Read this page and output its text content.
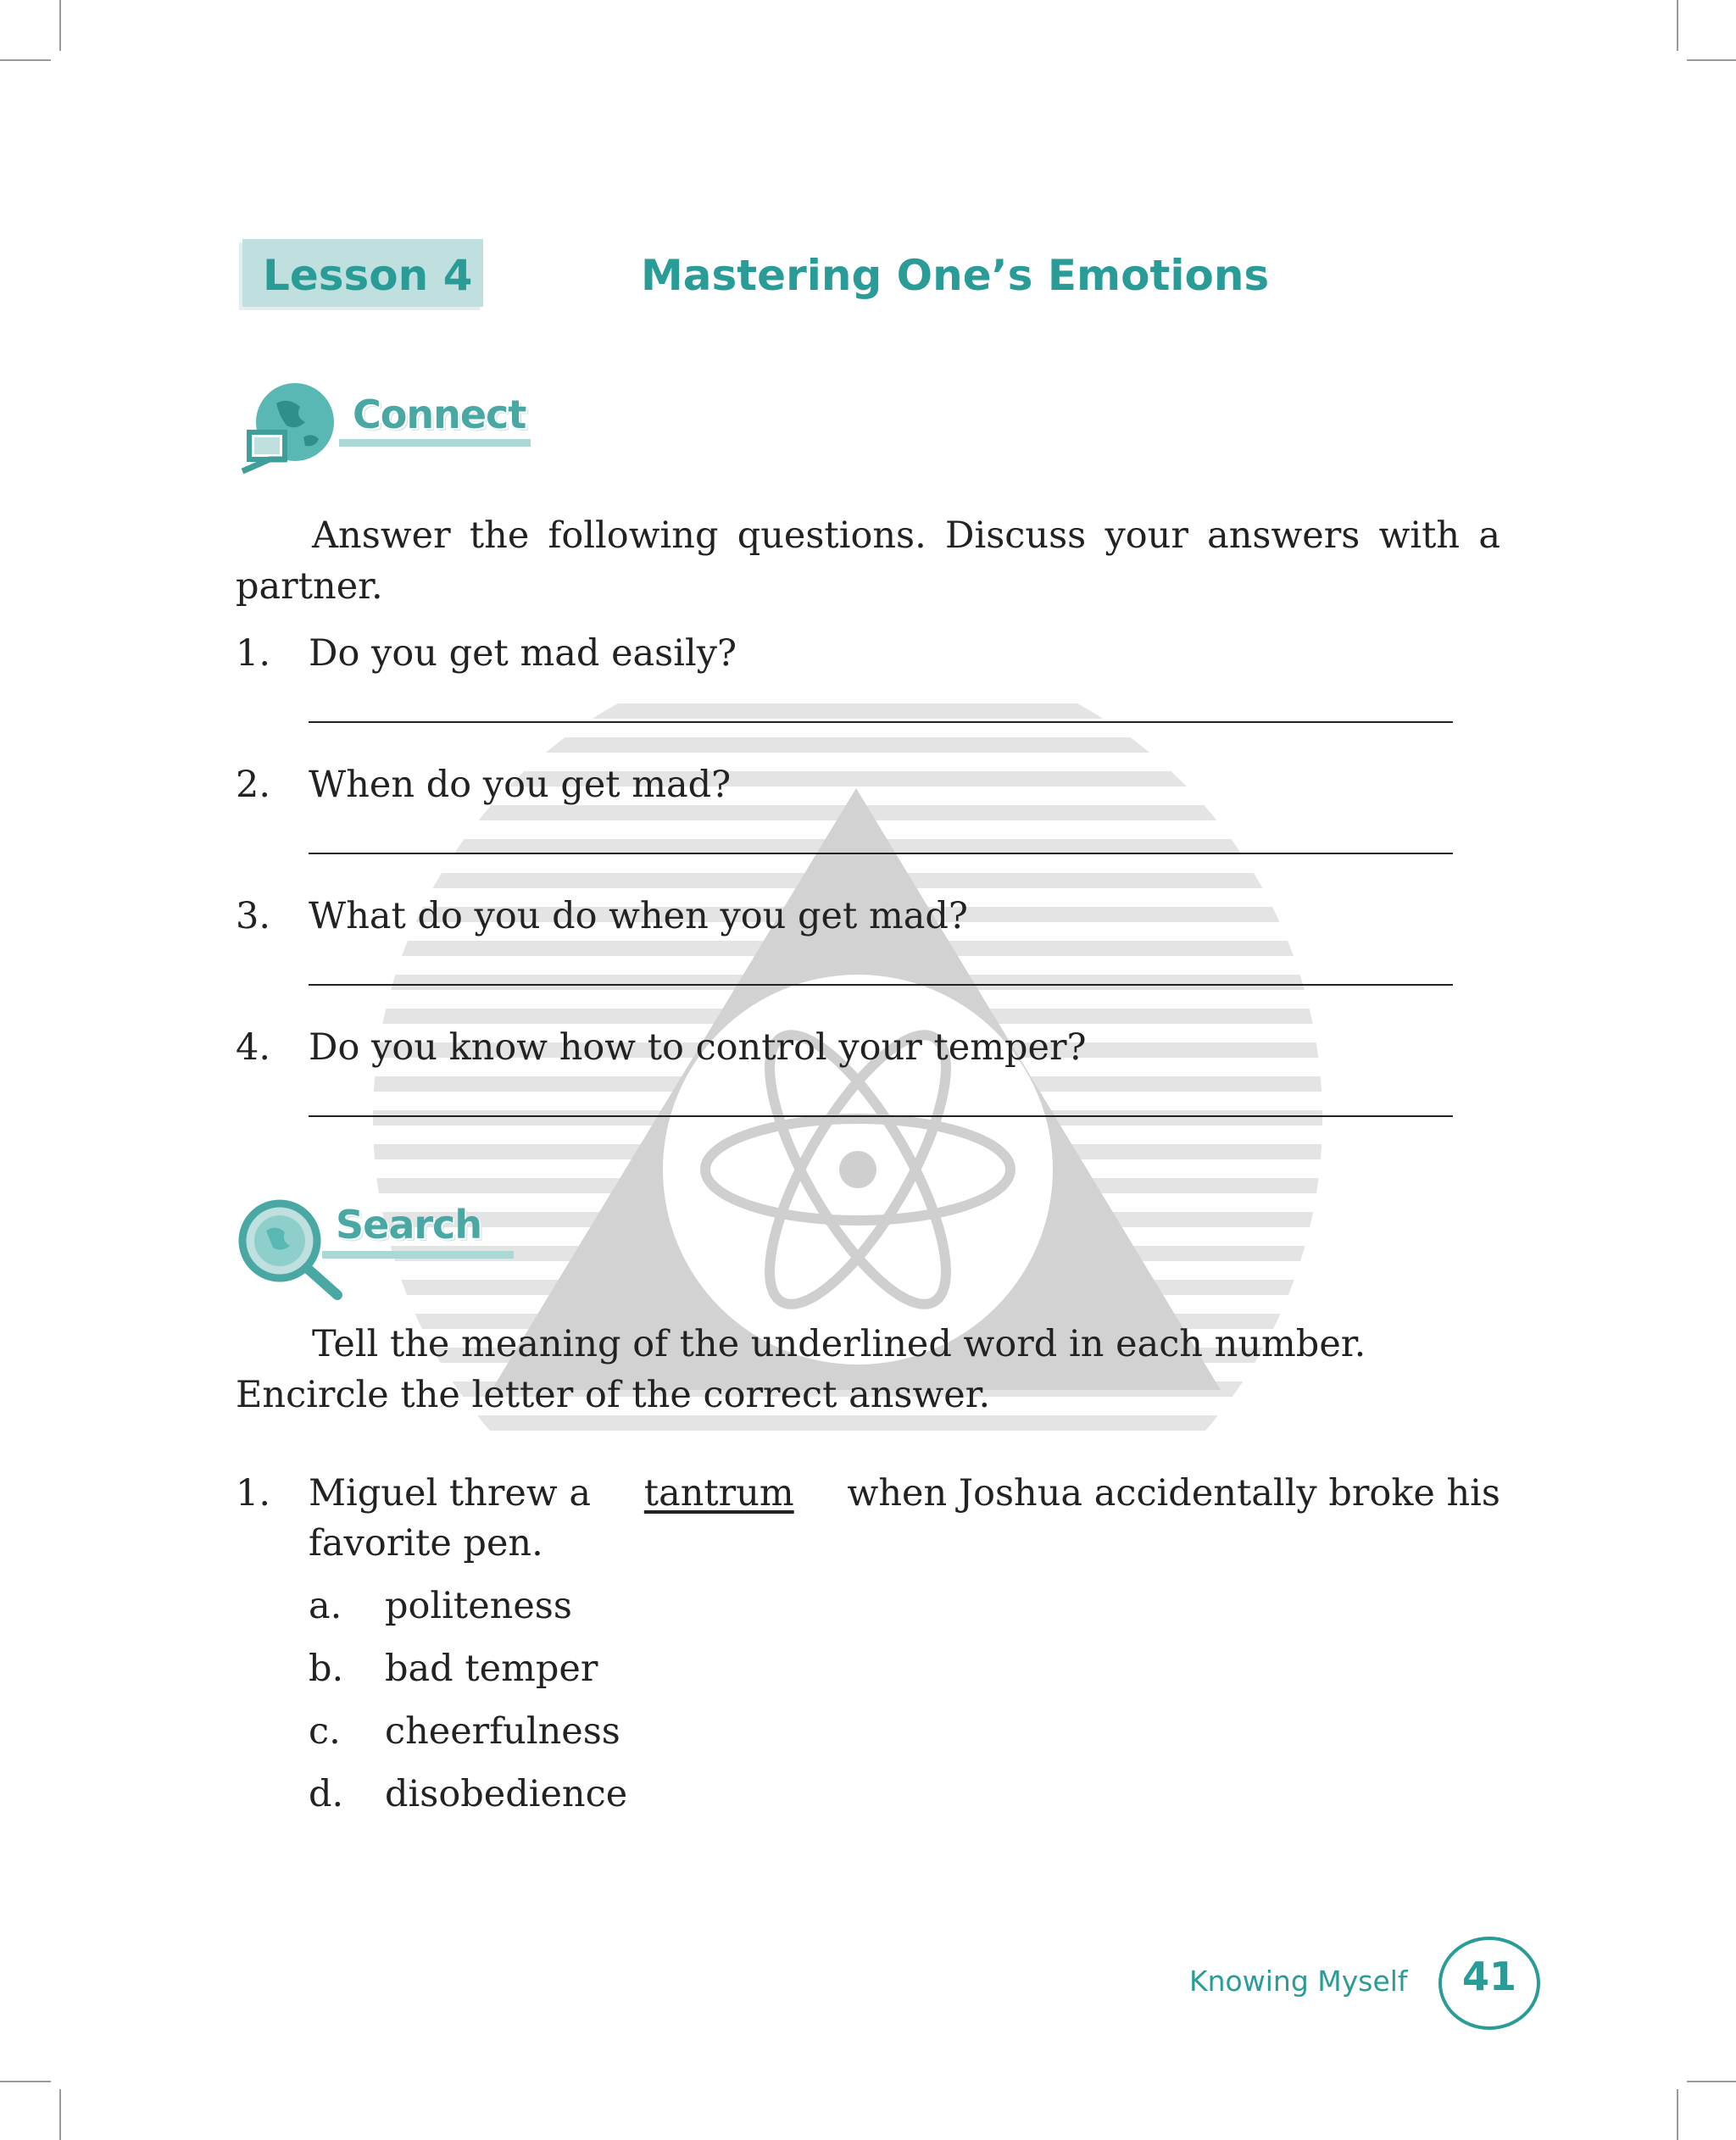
Lesson 4	Mastering One’s Emotions
Connect
Answer the following questions. Discuss your answers with a
partner.
1. Do you get mad easily?
2. When do you get mad?
3. What do you do when you get mad?
4. Do you know how to control your temper?
Search
Tell the meaning of the underlined word in each number.
Encircle the letter of the correct answer.
1. Miguel threw a tantrum when Joshua accidentally broke his
favorite pen.
a. politeness
b. bad temper
c. cheerfulness
d. disobedience
Knowing Myself	41
